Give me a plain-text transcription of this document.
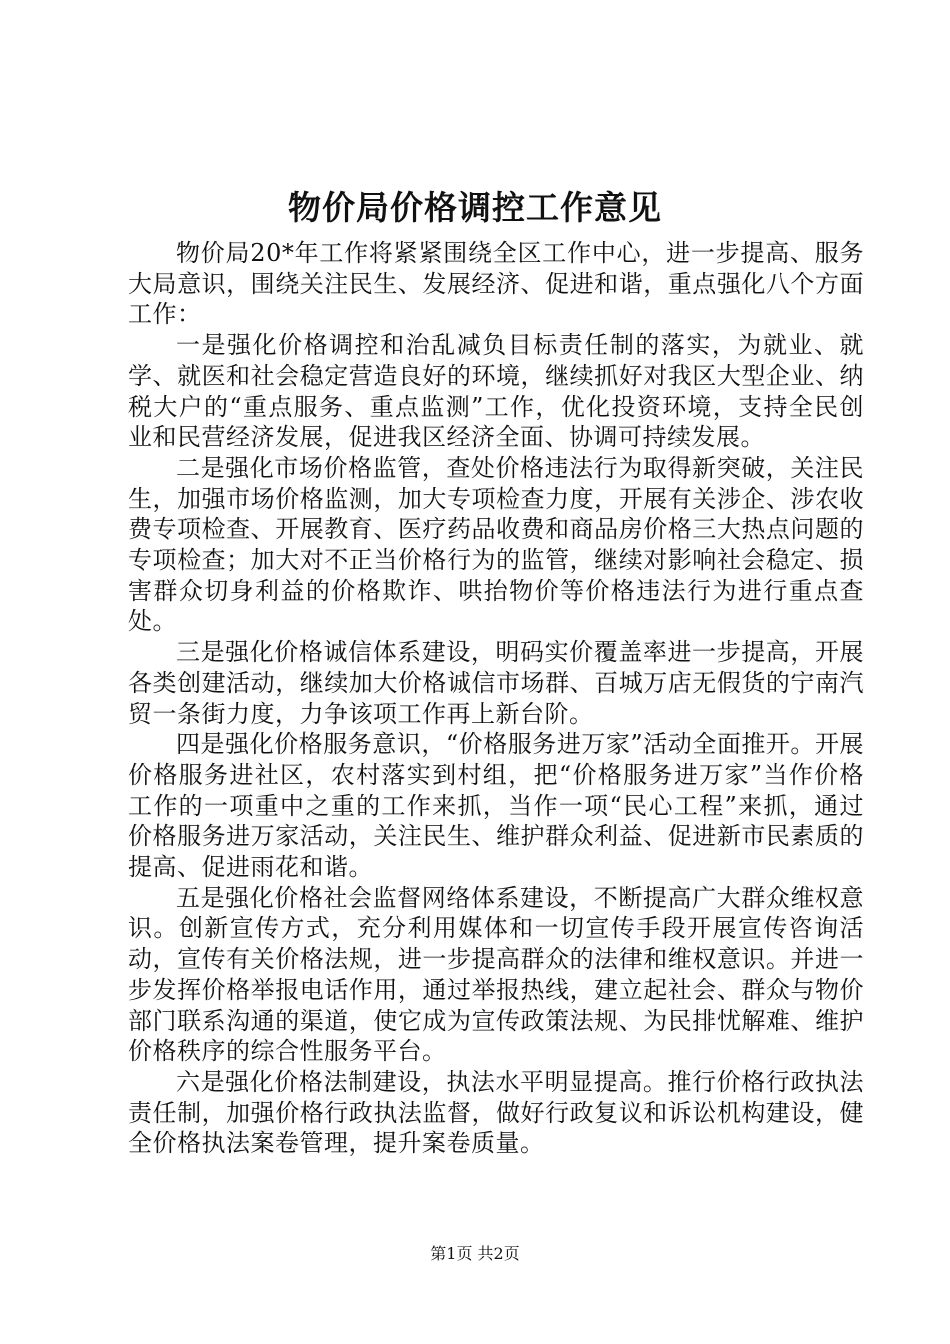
物价局价格调控工作意见

物价局20*年工作将紧紧围绕全区工作中心，进一步提高、服务大局意识，围绕关注民生、发展经济、促进和谐，重点强化八个方面工作：

一是强化价格调控和治乱减负目标责任制的落实，为就业、就学、就医和社会稳定营造良好的环境，继续抓好对我区大型企业、纳税大户的“重点服务、重点监测”工作，优化投资环境，支持全民创业和民营经济发展，促进我区经济全面、协调可持续发展。

二是强化市场价格监管，查处价格违法行为取得新突破，关注民生，加强市场价格监测，加大专项检查力度，开展有关涉企、涉农收费专项检查、开展教育、医疗药品收费和商品房价格三大热点问题的专项检查；加大对不正当价格行为的监管，继续对影响社会稳定、损害群众切身利益的价格欺诈、哄抬物价等价格违法行为进行重点查处。

三是强化价格诚信体系建设，明码实价覆盖率进一步提高，开展各类创建活动，继续加大价格诚信市场群、百城万店无假货的宁南汽贸一条街力度，力争该项工作再上新台阶。

四是强化价格服务意识，“价格服务进万家”活动全面推开。开展价格服务进社区，农村落实到村组，把“价格服务进万家”当作价格工作的一项重中之重的工作来抓，当作一项“民心工程”来抓，通过价格服务进万家活动，关注民生、维护群众利益、促进新市民素质的提高、促进雨花和谐。

五是强化价格社会监督网络体系建设，不断提高广大群众维权意识。创新宣传方式，充分利用媒体和一切宣传手段开展宣传咨询活动，宣传有关价格法规，进一步提高群众的法律和维权意识。并进一步发挥价格举报电话作用，通过举报热线，建立起社会、群众与物价部门联系沟通的渠道，使它成为宣传政策法规、为民排忧解难、维护价格秩序的综合性服务平台。

六是强化价格法制建设，执法水平明显提高。推行价格行政执法责任制，加强价格行政执法监督，做好行政复议和诉讼机构建设，健全价格执法案卷管理，提升案卷质量。

第1页 共2页
